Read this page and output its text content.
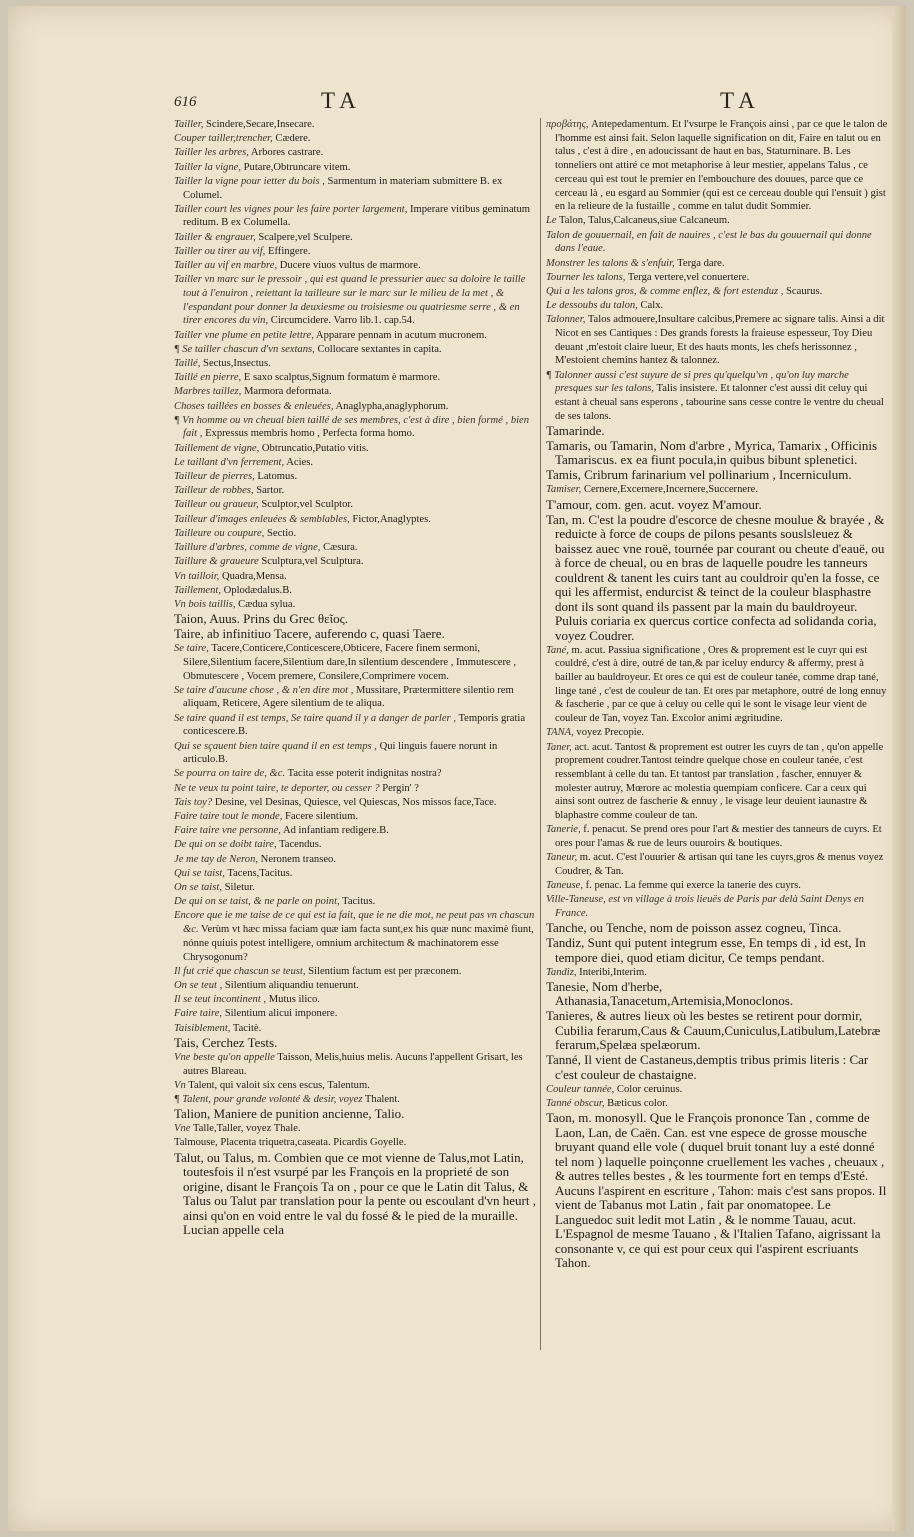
616	TA	TA

Tailler, Scindere,Secare,Insecare.

Couper tailler,trencher, Cædere.

Tailler les arbres, Arbores castrare.

Tailler la vigne, Putare,Obtruncare vitem.

Tailler la vigne pour ietter du bois , Sarmentum in materiam submittere B. ex Columel.

Tailler court les vignes pour les faire porter largement, Imperare vitibus geminatum reditum. B ex Columella.

Tailler & engrauer, Scalpere,vel Sculpere.

Tailler ou tirer au vif, Effingere.

Tailler au vif en marbre, Ducere viuos vultus de marmore.

Tailler vn marc sur le pressoir , qui est quand le pressurier auec sa doloire le taille tout à l'enuiron , reiettant la tailleure sur le marc sur le milieu de la met , & l'espandant pour donner la deuxiesme ou troisiesme ou quatriesme serre , & en tirer encores du vin, Circumcidere. Varro lib.1. cap.54.

Tailler vne plume en petite lettre, Apparare pennam in acutum mucronem.

¶ Se tailler chascun d'vn sextans, Collocare sextantes in capita.

Taillé, Sectus,Insectus.

Taillé en pierre, E saxo scalptus,Signum formatum è marmore.

Marbres taillez, Marmora deformata.

Choses taillées en bosses & enleuées, Anaglypha,anaglyphorum.

¶ Vn homme ou vn cheual bien taillé de ses membres, c'est à dire , bien formé , bien fait , Expressus membris homo , Perfecta forma homo.

Taillement de vigne, Obtruncatio,Putatio vitis.

Le taillant d'vn ferrement, Acies.

Tailleur de pierres, Latomus.

Tailleur de robbes, Sartor.

Tailleur ou graueur, Sculptor,vel Sculptor.

Tailleur d'images enleuées & semblables, Fictor,Anaglyptes.

Tailleure ou coupure, Sectio.

Taillure d'arbres, comme de vigne, Cæsura.

Taillure & graueure Sculptura,vel Sculptura.

Vn tailloir, Quadra,Mensa.

Taillement, Oplodædalus.B.

Vn bois taillis, Cædua sylua.

Taion, Auus. Prins du Grec θεῖος.

Taire, ab infinitiuo Tacere, auferendo c, quasi Taere.

Se taire, Tacere,Conticere,Conticescere,Obticere, Facere finem sermoni, Silere,Silentium facere,Silentium dare,In silentium descendere , Immutescere , Obmutescere , Vocem premere, Consilere,Comprimere vocem.

Se taire d'aucune chose , & n'en dire mot , Mussitare, Prætermittere silentio rem aliquam, Reticere, Agere silentium de te aliqua.

Se taire quand il est temps, Se taire quand il y a danger de parler , Temporis gratia conticescere.B.

Qui se sçauent bien taire quand il en est temps , Qui linguis fauere norunt in articulo.B.

Se pourra on taire de, &c. Tacita esse poterit indignitas nostra?

Ne te veux tu point taire, te deporter, ou cesser ? Pergin' ?

Tais toy? Desine, vel Desinas, Quiesce, vel Quiescas, Nos missos face,Tace.

Faire taire tout le monde, Facere silentium.

Faire taire vne personne, Ad infantiam redigere.B.

De qui on se doibt taire, Tacendus.

Je me tay de Neron, Neronem transeo.

Qui se taist, Tacens,Tacitus.

On se taist, Siletur.

De qui on se taist, & ne parle on point, Tacitus.

Encore que ie me taise de ce qui est ia fait, que ie ne die mot, ne peut pas vn chascun &c. Verùm vt hæc missa faciam quæ iam facta sunt,ex his quæ nunc maximè fiunt, nónne quiuis potest intelligere, omnium architectum & machinatorem esse Chrysogonum?

Il fut crié que chascun se teust, Silentium factum est per præconem.

On se teut , Silentium aliquandiu tenuerunt.

Il se teut incontinent , Mutus ilico.

Faire taire, Silentium alicui imponere.

Taisiblement, Tacitè.

Tais, Cerchez Tests.

Vne beste qu'on appelle Taisson, Melis,huius melis. Aucuns l'appellent Grisart, les autres Blareau.

Vn Talent, qui valoit six cens escus, Talentum.

¶ Talent, pour grande volonté & desir, voyez Thalent.

Talion, Maniere de punition ancienne, Talio.

Vne Talle,Taller, voyez Thale.

Talmouse, Placenta triquetra,caseata. Picardis Goyelle.

Talut, ou Talus, m. Combien que ce mot vienne de Talus,mot Latin, toutesfois il n'est vsurpé par les François en la proprieté de son origine, disant le François Ta on , pour ce que le Latin dit Talus, & Talus ou Talut par translation pour la pente ou escoulant d'vn heurt , ainsi qu'on en void entre le val du fossé & le pied de la muraille. Lucian appelle cela

προβάτης, Antepedamentum. Et l'vsurpe le François ainsi , par ce que le talon de l'homme est ainsi fait. Selon laquelle signification on dit, Faire en talut ou en talus , c'est à dire , en adoucissant de haut en bas, Staturninare. B. Les tonneliers ont attiré ce mot metaphorise à leur mestier, appelans Talus , ce cerceau qui est tout le premier en l'embouchure des douues, parce que ce cerceau là , eu esgard au Sommier (qui est ce cerceau double qui l'ensuit ) gist en la relieure de la fustaille , comme en talut dudit Sommier.

Le Talon, Talus,Calcaneus,siue Calcaneum.

Talon de gouuernail, en fait de nauires , c'est le bas du gouuernail qui donne dans l'eaue.

Monstrer les talons & s'enfuir, Terga dare.

Tourner les talons, Terga vertere,vel conuertere.

Qui a les talons gros, & comme enflez, & fort estenduz , Scaurus.

Le dessoubs du talon, Calx.

Talonner, Talos admouere,Insultare calcibus,Premere ac signare talis. Ainsi a dit Nicot en ses Cantiques : Des grands forests la fraieuse espesseur, Toy Dieu deuant ,m'estoit claire lueur, Et des hauts monts, les chefs herissonnez , M'estoient chemins hantez & talonnez.

¶ Talonner aussi c'est suyure de si pres qu'quelqu'vn , qu'on luy marche presques sur les talons, Talis insistere. Et talonner c'est aussi dit celuy qui estant à cheual sans esperons , tabourine sans cesse contre le ventre du cheual de ses talons.

Tamarinde.

Tamaris, ou Tamarin, Nom d'arbre , Myrica, Tamarix , Officinis Tamariscus. ex ea fiunt pocula,in quibus bibunt splenetici.

Tamis, Cribrum farinarium vel pollinarium , Incerniculum.

Tamiser, Cernere,Excernere,Incernere,Succernere.

T'amour, com. gen. acut. voyez M'amour.

Tan, m. C'est la poudre d'escorce de chesne moulue & brayée , & reduicte à force de coups de pilons pesants souslsleuez & baissez auec vne rouë, tournée par courant ou cheute d'eauë, ou à force de cheual, ou en bras de laquelle poudre les tanneurs couldrent & tanent les cuirs tant au couldroir qu'en la fosse, ce qui les affermist, endurcist & teinct de la couleur blasphastre dont ils sont quand ils passent par la main du bauldroyeur. Puluis coriaria ex quercus cortice confecta ad solidanda coria, voyez Coudrer.

Tané, m. acut. Passiua significatione , Ores & proprement est le cuyr qui est couldré, c'est à dire, outré de tan,& par iceluy endurcy & affermy, prest à bailler au bauldroyeur. Et ores ce qui est de couleur tanée, comme drap tané, linge tané , c'est de couleur de tan. Et ores par metaphore, outré de long ennuy & fascherie , par ce que à celuy ou celle qui le sont le visage leur vient de couleur de Tan, voyez Tan. Excolor animi ægritudine.

TANA, voyez Precopie.

Taner, act. acut. Tantost & proprement est outrer les cuyrs de tan , qu'on appelle proprement coudrer.Tantost teindre quelque chose en couleur tanée, c'est ressemblant à celle du tan. Et tantost par translation , fascher, ennuyer & molester autruy, Mœrore ac molestia quempiam conficere. Car a ceux qui ainsi sont outrez de fascherie & ennuy , le visage leur deuient iaunastre & blaphastre comme couleur de tan.

Tanerie, f. penacut. Se prend ores pour l'art & mestier des tanneurs de cuyrs. Et ores pour l'amas & rue de leurs ouuroirs & boutiques.

Taneur, m. acut. C'est l'ouurier & artisan qui tane les cuyrs,gros & menus voyez Coudrer, & Tan.

Taneuse, f. penac. La femme qui exerce la tanerie des cuyrs.

Ville-Taneuse, est vn village à trois lieuës de Paris par delà Saint Denys en France.

Tanche, ou Tenche, nom de poisson assez cogneu, Tinca.

Tandiz, Sunt qui putent integrum esse, En temps di , id est, In tempore diei, quod etiam dicitur, Ce temps pendant.

Tandiz, Interibi,Interim.

Tanesie, Nom d'herbe, Athanasia,Tanacetum,Artemisia,Monoclonos.

Tanieres, & autres lieux où les bestes se retirent pour dormir, Cubilia ferarum,Caus & Cauum,Cuniculus,Latibulum,Latebræ ferarum,Spelæa spelæorum.

Tanné, Il vient de Castaneus,demptis tribus primis literis : Car c'est couleur de chastaigne.

Couleur tannée, Color ceruinus.

Tanné obscur, Bæticus color.

Taon, m. monosyll. Que le François prononce Tan , comme de Laon, Lan, de Caën. Can. est vne espece de grosse mousche bruyant quand elle vole ( duquel bruit tonant luy a esté donné tel nom ) laquelle poinçonne cruellement les vaches , cheuaux , & autres telles bestes , & les tourmente fort en temps d'Esté. Aucuns l'aspirent en escriture , Tahon: mais c'est sans propos. Il vient de Tabanus mot Latin , fait par onomatopee. Le Languedoc suit ledit mot Latin , & le nomme Tauau, acut. L'Espagnol de mesme Tauano , & l'Italien Tafano, aigrissant la consonante v, ce qui est pour ceux qui l'aspirent escriuants Tahon.
